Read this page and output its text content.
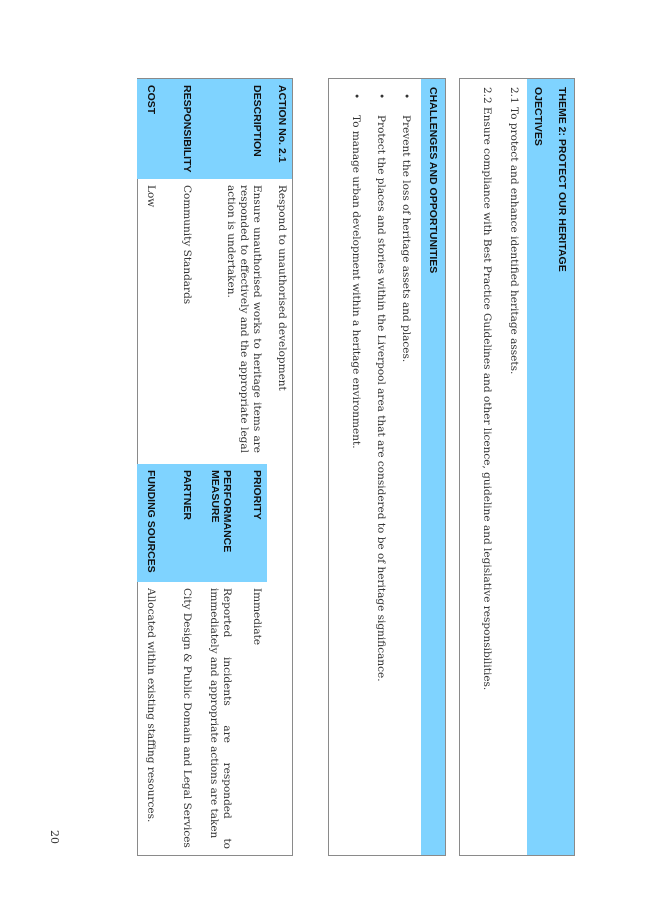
THEME 2: PROTECT OUR HERITAGE
OJECTIVES
2.1 To protect and enhance identified heritage assets.
2.2 Ensure compliance with Best Practice Guidelines and other licence, guideline and legislative responsibilities.
CHALLENGES AND OPPORTUNITIES
•
Prevent the loss of heritage assets and places.
•
Protect the places and stories within the Liverpool area that are considered to be of heritage significance.
•
To manage urban development within a heritage environment.
ACTION No. 2.1
DESCRIPTION
RESPONSIBILITY
COST
Respond to unauthorised development
Ensure unauthorised works to heritage items are responded to effectively and the appropriate legal action is undertaken.
Community Standards
Low
PRIORITY
PERFORMANCE MEASURE
PARTNER
FUNDING SOURCES
Immediate
Reported incidents are responded to immediately and appropriate actions are taken
City Design & Public Domain and Legal Services
Allocated within existing staffing resources.
20
